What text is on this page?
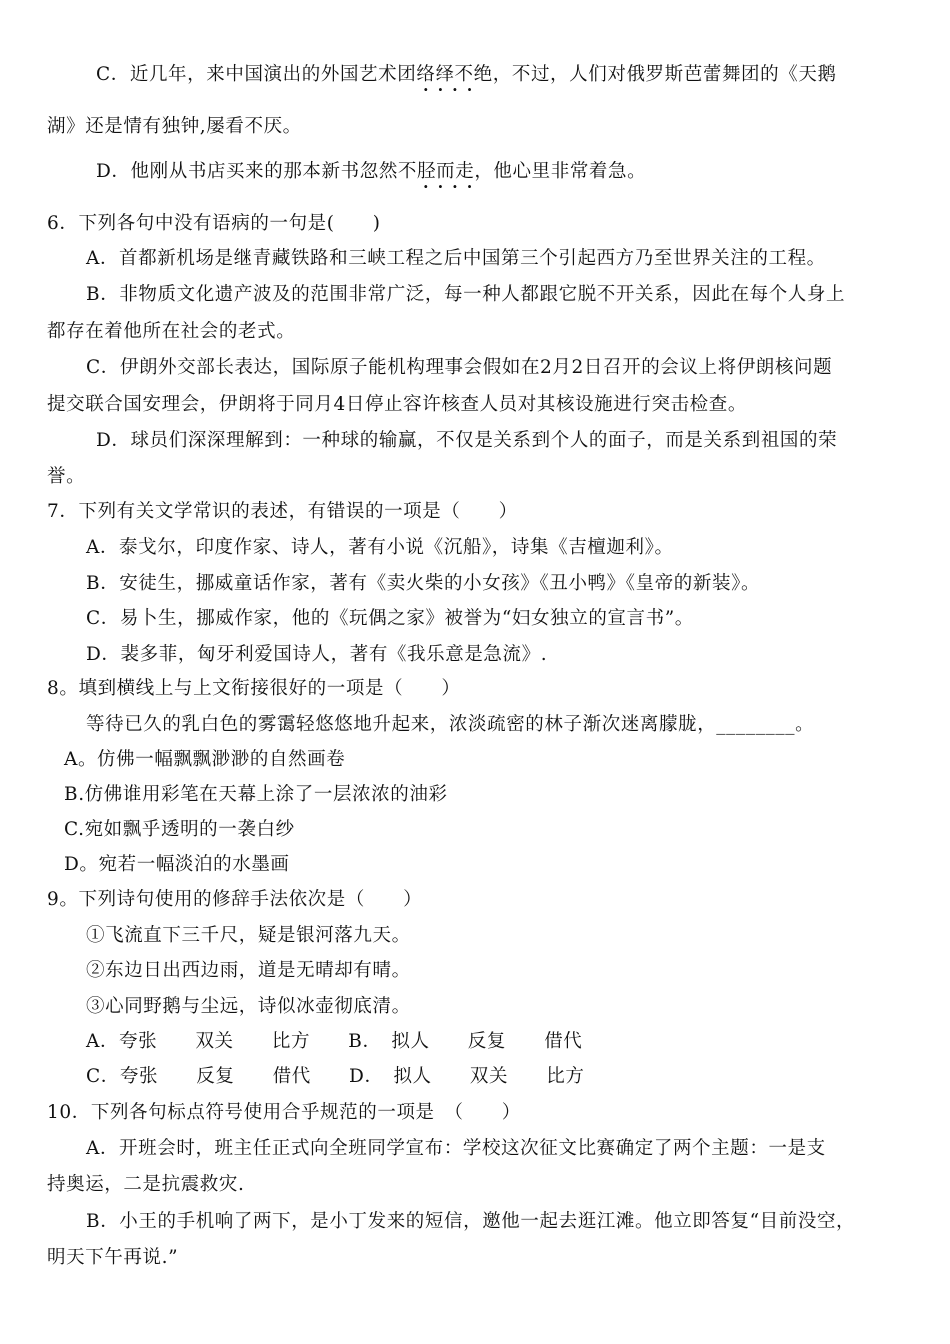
C．近几年，来中国演出的外国艺术团络绎不绝，不过，人们对俄罗斯芭蕾舞团的《天鹅
····
湖》还是情有独钟,屡看不厌。
D．他刚从书店买来的那本新书忽然不胫而走，他心里非常着急。
····
6．下列各句中没有语病的一句是(　　)
A．首都新机场是继青藏铁路和三峡工程之后中国第三个引起西方乃至世界关注的工程。
B．非物质文化遗产波及的范围非常广泛，每一种人都跟它脱不开关系，因此在每个人身上
都存在着他所在社会的老式。
C．伊朗外交部长表达，国际原子能机构理事会假如在2月2日召开的会议上将伊朗核问题
提交联合国安理会，伊朗将于同月4日停止容许核查人员对其核设施进行突击检查。
D．球员们深深理解到：一种球的输赢，不仅是关系到个人的面子，而是关系到祖国的荣
誉。
7．下列有关文学常识的表述，有错误的一项是（　　）
A．泰戈尔，印度作家、诗人，著有小说《沉船》，诗集《吉檀迦利》。
B．安徒生，挪威童话作家，著有《卖火柴的小女孩》《丑小鸭》《皇帝的新装》。
C．易卜生，挪威作家，他的《玩偶之家》被誉为“妇女独立的宣言书”。
D．裴多菲，匈牙利爱国诗人，著有《我乐意是急流》.
8。填到横线上与上文衔接很好的一项是（　　）
等待已久的乳白色的雾霭轻悠悠地升起来，浓淡疏密的林子渐次迷离朦胧，________。
A。仿佛一幅飘飘渺渺的自然画卷
B.仿佛谁用彩笔在天幕上涂了一层浓浓的油彩
C.宛如飘乎透明的一袭白纱
D。宛若一幅淡泊的水墨画
9。下列诗句使用的修辞手法依次是（　　）
①飞流直下三千尺，疑是银河落九天。
②东边日出西边雨，道是无晴却有晴。
③心同野鹅与尘远，诗似冰壶彻底清。
A．夸张　　双关　　比方　　B．　拟人　　反复　　借代
C．夸张　　反复　　借代　　D．　拟人　　双关　　比方
10．下列各句标点符号使用合乎规范的一项是　（　　）
A．开班会时，班主任正式向全班同学宣布：学校这次征文比赛确定了两个主题：一是支
持奥运，二是抗震救灾.
B．小王的手机响了两下，是小丁发来的短信，邀他一起去逛江滩。他立即答复“目前没空，
明天下午再说.”
